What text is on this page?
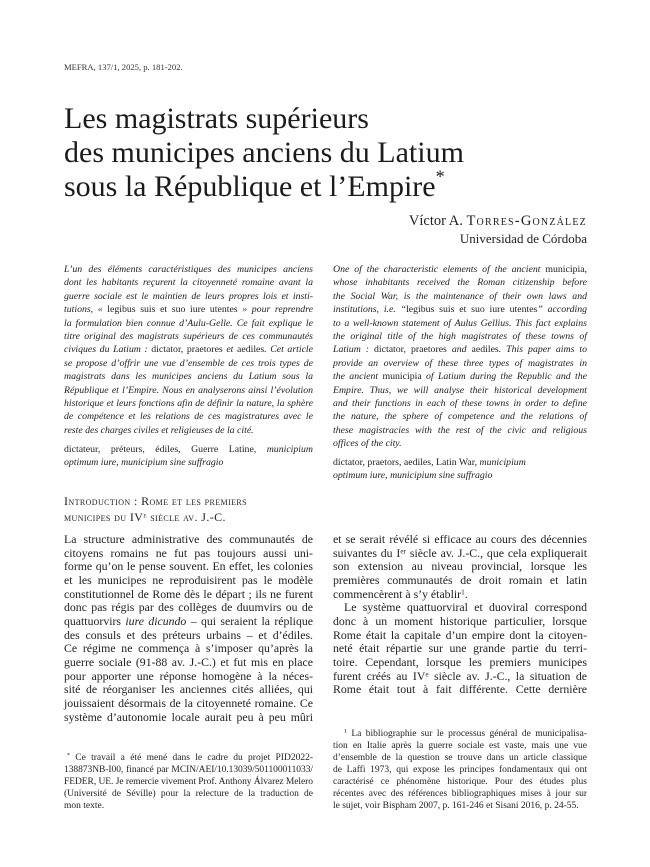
MEFRA, 137/1, 2025, p. 181-202.
Les magistrats supérieurs
des municipes anciens du Latium
sous la République et l’Empire*
Víctor A. Torres-González
Universidad de Córdoba
L’un des éléments caractéristiques des municipes anciens
dont les habitants reçurent la citoyenneté romaine avant la
guerre sociale est le maintien de leurs propres lois et insti-
tutions, « legibus suis et suo iure utentes » pour reprendre
la formulation bien connue d’Aulu-Gelle. Ce fait explique le
titre original des magistrats supérieurs de ces communautés
civiques du Latium : dictator, praetores et aediles. Cet article
se propose d’offrir une vue d’ensemble de ces trois types de
magistrats dans les municipes anciens du Latium sous la
République et l’Empire. Nous en analyserons ainsi l’évolution
historique et leurs fonctions afin de définir la nature, la sphère
de compétence et les relations de ces magistratures avec le
reste des charges civiles et religieuses de la cité.
dictateur, préteurs, édiles, Guerre Latine, municipium
optimum iure, municipium sine suffragio
One of the characteristic elements of the ancient municipia,
whose inhabitants received the Roman citizenship before
the Social War, is the maintenance of their own laws and
institutions, i.e. “legibus suis et suo iure utentes” according
to a well-known statement of Aulus Gellius. This fact explains
the original title of the high magistrates of these towns of
Latium : dictator, praetores and aediles. This paper aims to
provide an overview of these three types of magistrates in
the ancient municipia of Latium during the Republic and the
Empire. Thus, we will analyse their historical development
and their functions in each of these towns in order to define
the nature, the sphere of competence and the relations of
these magistracies with the rest of the civic and religious
offices of the city.
dictator, praetors, aediles, Latin War, municipium
optimum iure, municipium sine suffragio
Introduction : Rome et les premiers
municipes du IVe siècle av. J.-C.
La structure administrative des communautés de
citoyens romains ne fut pas toujours aussi uni-
forme qu’on le pense souvent. En effet, les colonies
et les municipes ne reproduisirent pas le modèle
constitutionnel de Rome dès le départ ; ils ne furent
donc pas régis par des collèges de duumvirs ou de
quattuorvirs iure dicundo – qui seraient la réplique
des consuls et des préteurs urbains – et d’édiles.
Ce régime ne commença à s’imposer qu’après la
guerre sociale (91-88 av. J.-C.) et fut mis en place
pour apporter une réponse homogène à la néces-
sité de réorganiser les anciennes cités alliées, qui
jouissaient désormais de la citoyenneté romaine. Ce
système d’autonomie locale aurait peu à peu mûri
et se serait révélé si efficace au cours des décennies
suivantes du Ier siècle av. J.-C., que cela expliquerait
son extension au niveau provincial, lorsque les
premières communautés de droit romain et latin
commencèrent à s’y établir$^1$.
Le système quattuorviral et duoviral correspond
donc à un moment historique particulier, lorsque
Rome était la capitale d’un empire dont la citoyen-
neté était répartie sur une grande partie du terri-
toire. Cependant, lorsque les premiers municipes
furent créés au IVe siècle av. J.-C., la situation de
Rome était tout à fait différente. Cette dernière
* Ce travail a été mené dans le cadre du projet PID2022-
138873NB-I00, financé par MCIN/AEI/10.13039/501100011033/
FEDER, UE. Je remercie vivement Prof. Anthony Álvarez Melero
(Université de Séville) pour la relecture de la traduction de
mon texte.
$^1$ La bibliographie sur le processus général de municipalisa-
tion en Italie après la guerre sociale est vaste, mais une vue
d’ensemble de la question se trouve dans un article classique
de Laffi 1973, qui expose les principes fondamentaux qui ont
caractérisé ce phénomène historique. Pour des études plus
récentes avec des références bibliographiques mises à jour sur
le sujet, voir Bispham 2007, p. 161-246 et Sisani 2016, p. 24-55.
